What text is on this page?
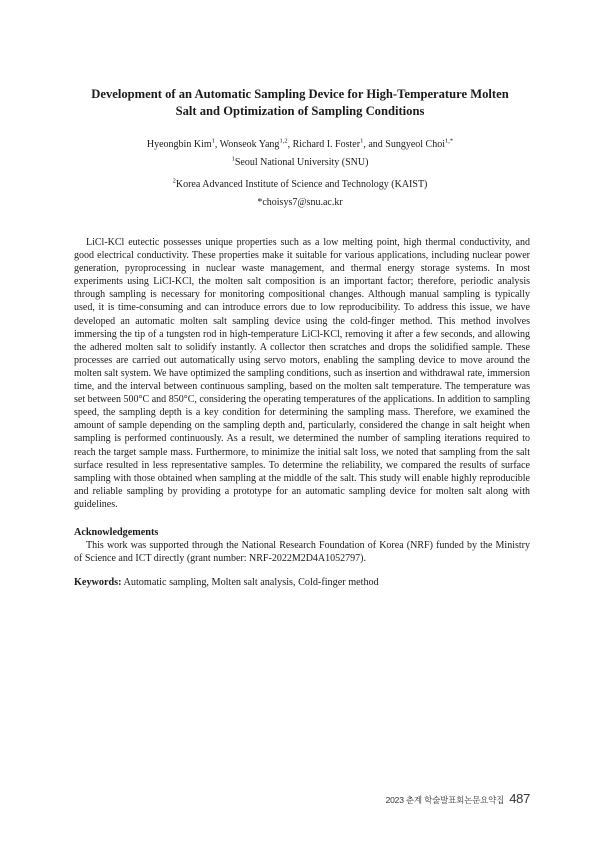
Development of an Automatic Sampling Device for High-Temperature Molten
Salt and Optimization of Sampling Conditions
Hyeongbin Kim$^1$, Wonseok Yang$^{1,2}$, Richard I. Foster$^1$, and Sungyeol Choi$^{1,*}$
$^1$Seoul National University (SNU)
$^2$Korea Advanced Institute of Science and Technology (KAIST)
*choisys7@snu.ac.kr

LiCl-KCl eutectic possesses unique properties such as a low melting point, high thermal conductivity, and good electrical conductivity. These properties make it suitable for various applications, including nuclear power generation, pyroprocessing in nuclear waste management, and thermal energy storage systems. In most experiments using LiCl-KCl, the molten salt composition is an important factor; therefore, periodic analysis through sampling is necessary for monitoring compositional changes. Although manual sampling is typically used, it is time-consuming and can introduce errors due to low reproducibility. To address this issue, we have developed an automatic molten salt sampling device using the cold-finger method. This method involves immersing the tip of a tungsten rod in high-temperature LiCl-KCl, removing it after a few seconds, and allowing the adhered molten salt to solidify instantly. A collector then scratches and drops the solidified sample. These processes are carried out automatically using servo motors, enabling the sampling device to move around the molten salt system. We have optimized the sampling conditions, such as insertion and withdrawal rate, immersion time, and the interval between continuous sampling, based on the molten salt temperature. The temperature was set between 500°C and 850°C, considering the operating temperatures of the applications. In addition to sampling speed, the sampling depth is a key condition for determining the sampling mass. Therefore, we examined the amount of sample depending on the sampling depth and, particularly, considered the change in salt height when sampling is performed continuously. As a result, we determined the number of sampling iterations required to reach the target sample mass. Furthermore, to minimize the initial salt loss, we noted that sampling from the salt surface resulted in less representative samples. To determine the reliability, we compared the results of surface sampling with those obtained when sampling at the middle of the salt. This study will enable highly reproducible and reliable sampling by providing a prototype for an automatic sampling device for molten salt along with guidelines.

Acknowledgements

This work was supported through the National Research Foundation of Korea (NRF) funded by the Ministry of Science and ICT directly (grant number: NRF-2022M2D4A1052797).

Keywords: Automatic sampling, Molten salt analysis, Cold-finger method
2023 춘계 학술발표회논문요약집 487
